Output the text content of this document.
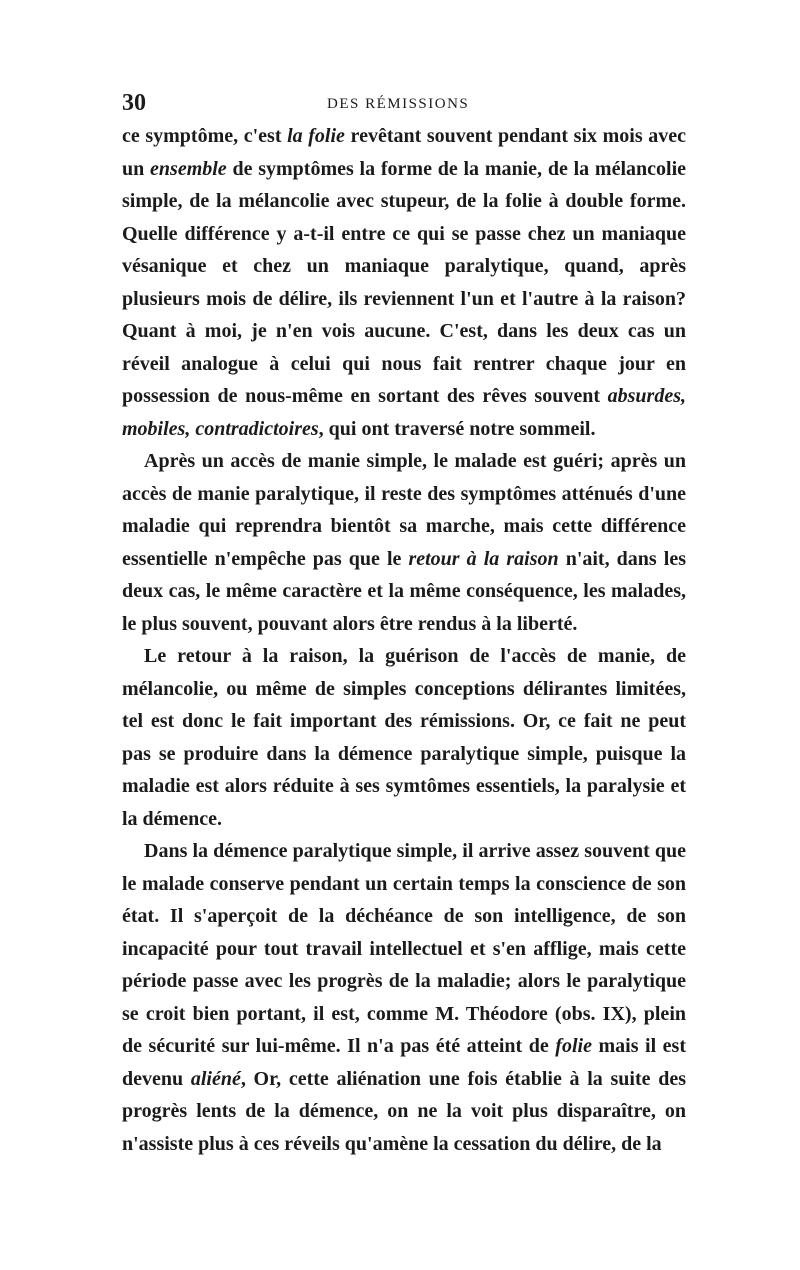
30	DES RÉMISSIONS

ce symptôme, c'est la folie revêtant souvent pendant six mois avec un ensemble de symptômes la forme de la manie, de la mélancolie simple, de la mélancolie avec stupeur, de la folie à double forme. Quelle différence y a-t-il entre ce qui se passe chez un maniaque vésanique et chez un maniaque paralytique, quand, après plusieurs mois de délire, ils reviennent l'un et l'autre à la raison? Quant à moi, je n'en vois aucune. C'est, dans les deux cas un réveil analogue à celui qui nous fait rentrer chaque jour en possession de nous-même en sortant des rêves souvent absurdes, mobiles, contradictoires, qui ont traversé notre sommeil.

Après un accès de manie simple, le malade est guéri; après un accès de manie paralytique, il reste des symptômes atténués d'une maladie qui reprendra bientôt sa marche, mais cette différence essentielle n'empêche pas que le retour à la raison n'ait, dans les deux cas, le même caractère et la même conséquence, les malades, le plus souvent, pouvant alors être rendus à la liberté.

Le retour à la raison, la guérison de l'accès de manie, de mélancolie, ou même de simples conceptions délirantes limitées, tel est donc le fait important des rémissions. Or, ce fait ne peut pas se produire dans la démence paralytique simple, puisque la maladie est alors réduite à ses symtômes essentiels, la paralysie et la démence.

Dans la démence paralytique simple, il arrive assez souvent que le malade conserve pendant un certain temps la conscience de son état. Il s'aperçoit de la déchéance de son intelligence, de son incapacité pour tout travail intellectuel et s'en afflige, mais cette période passe avec les progrès de la maladie; alors le paralytique se croit bien portant, il est, comme M. Théodore (obs. IX), plein de sécurité sur lui-même. Il n'a pas été atteint de folie mais il est devenu aliéné, Or, cette aliénation une fois établie à la suite des progrès lents de la démence, on ne la voit plus disparaître, on n'assiste plus à ces réveils qu'amène la cessation du délire, de la
